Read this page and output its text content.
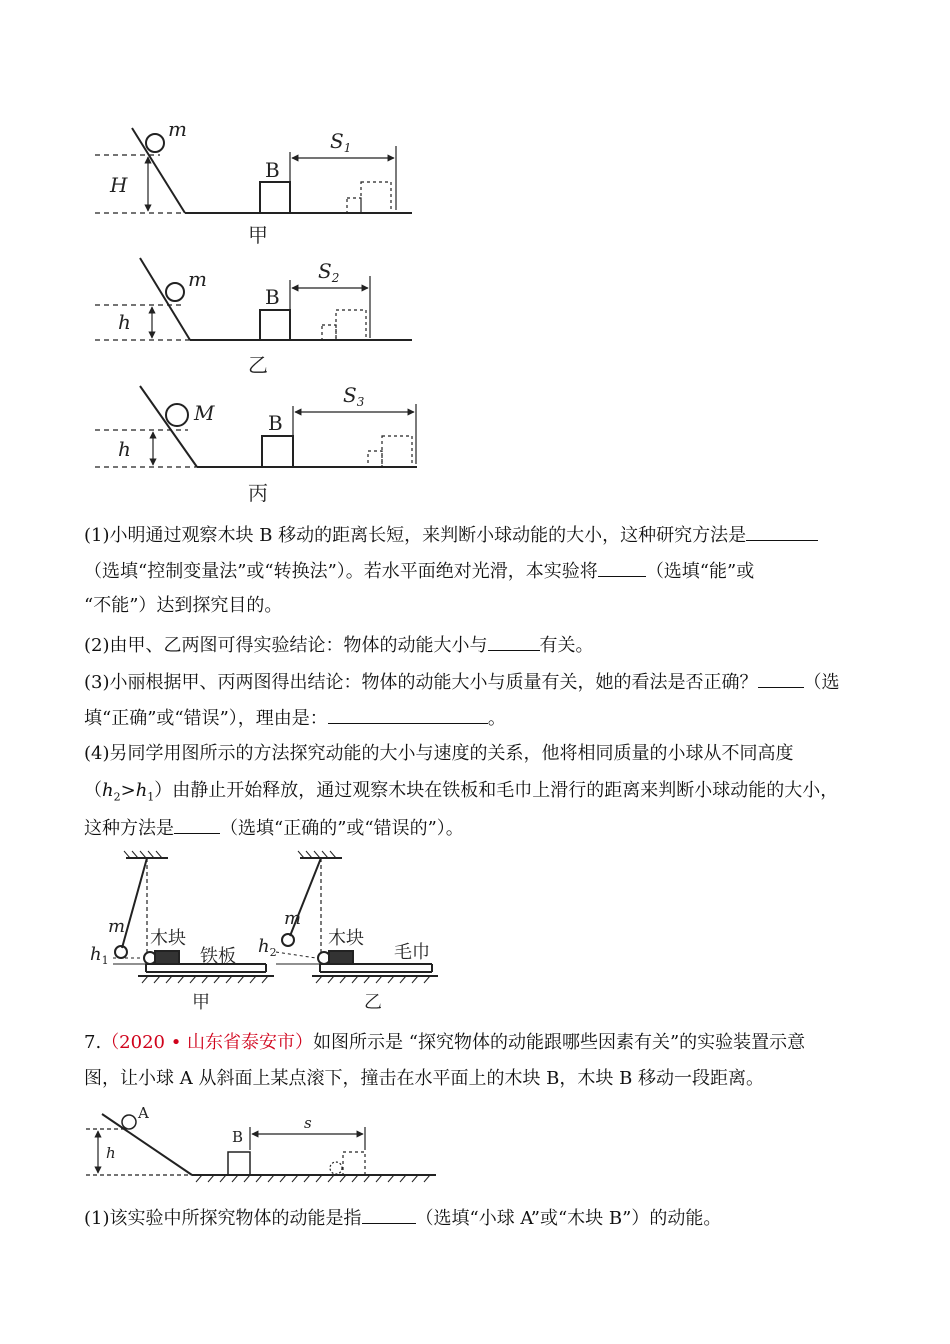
m
H
B
$S_1$
甲
m
h
B
$S_2$
乙
M
h
B
$S_3$
丙
(1)小明通过观察木块 B 移动的距离长短，来判断小球动能的大小，这种研究方法是
（选填“控制变量法”或“转换法”）。若水平面绝对光滑，本实验将	（选填“能”或
“不能”）达到探究目的。
(2)由甲、乙两图可得实验结论：物体的动能大小与	有关。
(3)小丽根据甲、丙两图得出结论：物体的动能大小与质量有关，她的看法是否正确？	（选
填“正确”或“错误”），理由是：	。
(4)另同学用图所示的方法探究动能的大小与速度的关系，他将相同质量的小球从不同高度
$(h_2>h_1)$由静止开始释放，通过观察木块在铁板和毛巾上滑行的距离来判断小球动能的大小，
这种方法是	（选填“正确的”或“错误的”）。
m
$h_1$
木块
铁板
甲
m
$h_2$
木块
毛巾
乙
7.（2020 • 山东省泰安市）如图所示是 “探究物体的动能跟哪些因素有关”的实验装置示意
图，让小球 A 从斜面上某点滚下，撞击在水平面上的木块 B，木块 B 移动一段距离。
A
h
B
s
(1)该实验中所探究物体的动能是指	（选填“小球 A”或“木块 B”）的动能。
